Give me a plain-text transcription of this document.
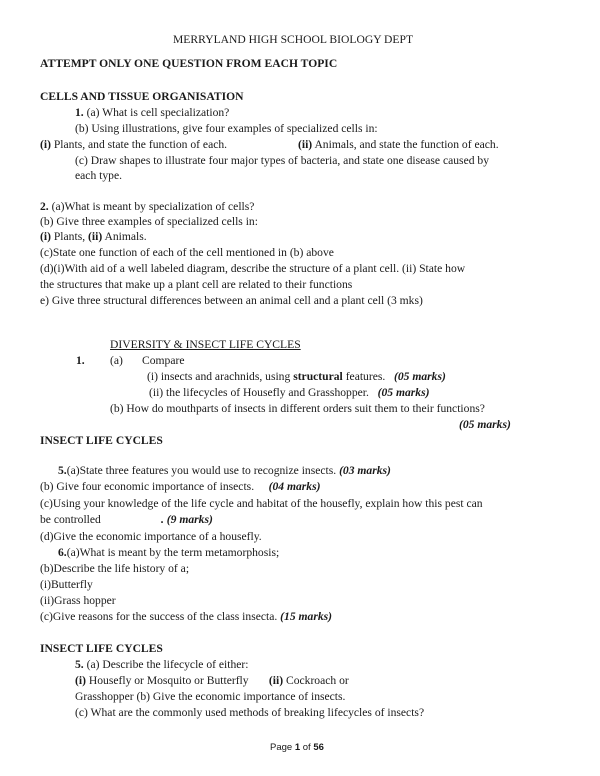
MERRYLAND HIGH SCHOOL BIOLOGY DEPT
ATTEMPT ONLY ONE QUESTION FROM EACH TOPIC
CELLS AND TISSUE ORGANISATION
1. (a) What is cell specialization?
(b) Using illustrations, give four examples of specialized cells in:
(i) Plants, and state the function of each.	(ii) Animals, and state the function of each.
(c) Draw shapes to illustrate four major types of bacteria, and state one disease caused by
each type.
2. (a)What is meant by specialization of cells?
(b) Give three examples of specialized cells in:
(i) Plants, (ii) Animals.
(c)State one function of each of the cell mentioned in (b) above
(d)(i)With aid of a well labeled diagram, describe the structure of a plant cell. (ii) State how
the structures that make up a plant cell are related to their functions
e) Give three structural differences between an animal cell and a plant cell (3 mks)
DIVERSITY & INSECT LIFE CYCLES
1. (a) Compare
(i) insects and arachnids, using structural features. (05 marks)
(ii) the lifecycles of Housefly and Grasshopper. (05 marks)
(b) How do mouthparts of insects in different orders suit them to their functions?
(05 marks)
INSECT LIFE CYCLES
5.(a)State three features you would use to recognize insects. (03 marks)
(b) Give four economic importance of insects. (04 marks)
(c)Using your knowledge of the life cycle and habitat of the housefly, explain how this pest can
be controlled	. (9 marks)
(d)Give the economic importance of a housefly.
6.(a)What is meant by the term metamorphosis;
(b)Describe the life history of a;
(i)Butterfly
(ii)Grass hopper
(c)Give reasons for the success of the class insecta. (15 marks)
INSECT LIFE CYCLES
5. (a) Describe the lifecycle of either:
(i) Housefly or Mosquito or Butterfly (ii) Cockroach or
Grasshopper (b) Give the economic importance of insects.
(c) What are the commonly used methods of breaking lifecycles of insects?
Page 1 of 56
